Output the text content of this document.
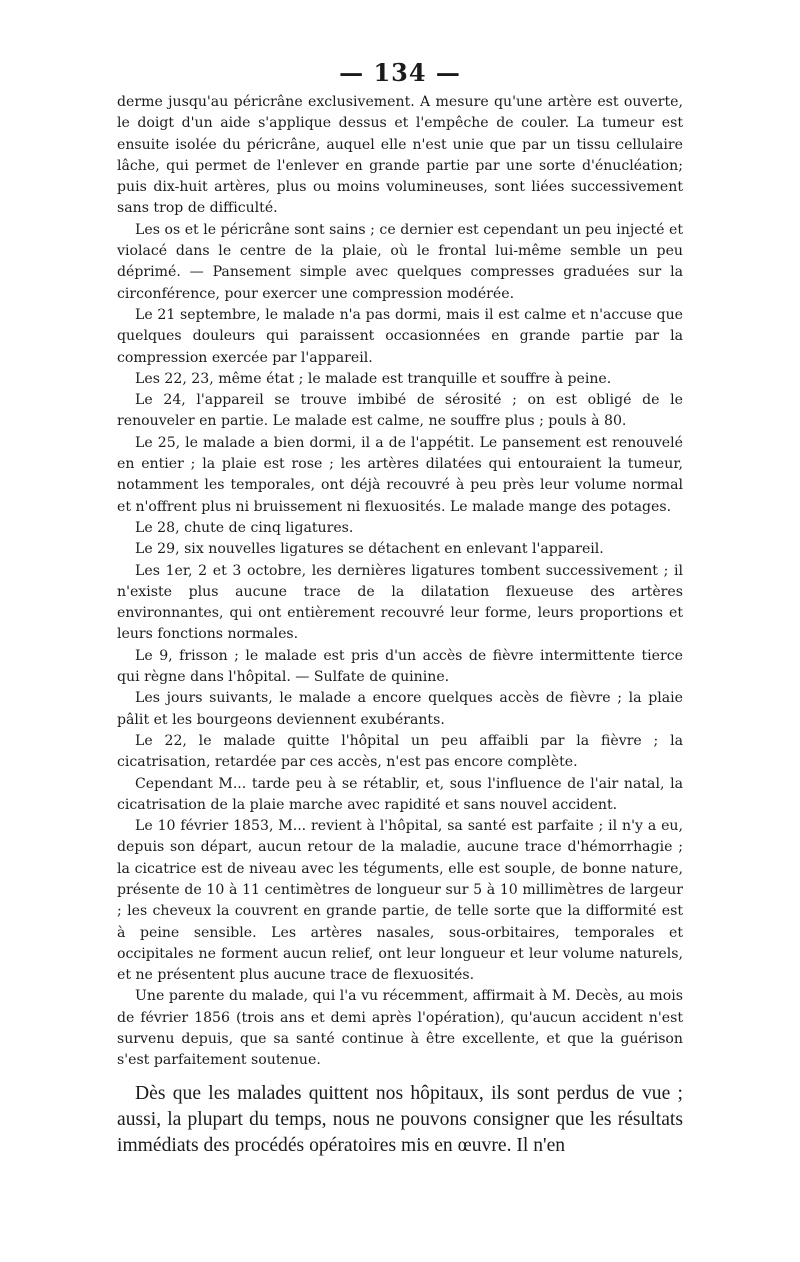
— 134 —

derme jusqu'au péricrâne exclusivement. A mesure qu'une artère est ouverte, le doigt d'un aide s'applique dessus et l'empêche de couler. La tumeur est ensuite isolée du péricrâne, auquel elle n'est unie que par un tissu cellulaire lâche, qui permet de l'enlever en grande partie par une sorte d'énucléation; puis dix-huit artères, plus ou moins volumineuses, sont liées successivement sans trop de difficulté.

Les os et le péricrâne sont sains ; ce dernier est cependant un peu injecté et violacé dans le centre de la plaie, où le frontal lui-même semble un peu déprimé. — Pansement simple avec quelques compresses graduées sur la circonférence, pour exercer une compression modérée.

Le 21 septembre, le malade n'a pas dormi, mais il est calme et n'accuse que quelques douleurs qui paraissent occasionnées en grande partie par la compression exercée par l'appareil.

Les 22, 23, même état ; le malade est tranquille et souffre à peine.

Le 24, l'appareil se trouve imbibé de sérosité ; on est obligé de le renouveler en partie. Le malade est calme, ne souffre plus ; pouls à 80.

Le 25, le malade a bien dormi, il a de l'appétit. Le pansement est renouvelé en entier ; la plaie est rose ; les artères dilatées qui entouraient la tumeur, notamment les temporales, ont déjà recouvré à peu près leur volume normal et n'offrent plus ni bruissement ni flexuosités. Le malade mange des potages.

Le 28, chute de cinq ligatures.

Le 29, six nouvelles ligatures se détachent en enlevant l'appareil.

Les 1er, 2 et 3 octobre, les dernières ligatures tombent successivement ; il n'existe plus aucune trace de la dilatation flexueuse des artères environnantes, qui ont entièrement recouvré leur forme, leurs proportions et leurs fonctions normales.

Le 9, frisson ; le malade est pris d'un accès de fièvre intermittente tierce qui règne dans l'hôpital. — Sulfate de quinine.

Les jours suivants, le malade a encore quelques accès de fièvre ; la plaie pâlit et les bourgeons deviennent exubérants.

Le 22, le malade quitte l'hôpital un peu affaibli par la fièvre ; la cicatrisation, retardée par ces accès, n'est pas encore complète.

Cependant M... tarde peu à se rétablir, et, sous l'influence de l'air natal, la cicatrisation de la plaie marche avec rapidité et sans nouvel accident.

Le 10 février 1853, M... revient à l'hôpital, sa santé est parfaite ; il n'y a eu, depuis son départ, aucun retour de la maladie, aucune trace d'hémorrhagie ; la cicatrice est de niveau avec les téguments, elle est souple, de bonne nature, présente de 10 à 11 centimètres de longueur sur 5 à 10 millimètres de largeur ; les cheveux la couvrent en grande partie, de telle sorte que la difformité est à peine sensible. Les artères nasales, sous-orbitaires, temporales et occipitales ne forment aucun relief, ont leur longueur et leur volume naturels, et ne présentent plus aucune trace de flexuosités.

Une parente du malade, qui l'a vu récemment, affirmait à M. Decès, au mois de février 1856 (trois ans et demi après l'opération), qu'aucun accident n'est survenu depuis, que sa santé continue à être excellente, et que la guérison s'est parfaitement soutenue.

Dès que les malades quittent nos hôpitaux, ils sont perdus de vue ; aussi, la plupart du temps, nous ne pouvons consigner que les résultats immédiats des procédés opératoires mis en œuvre. Il n'en
